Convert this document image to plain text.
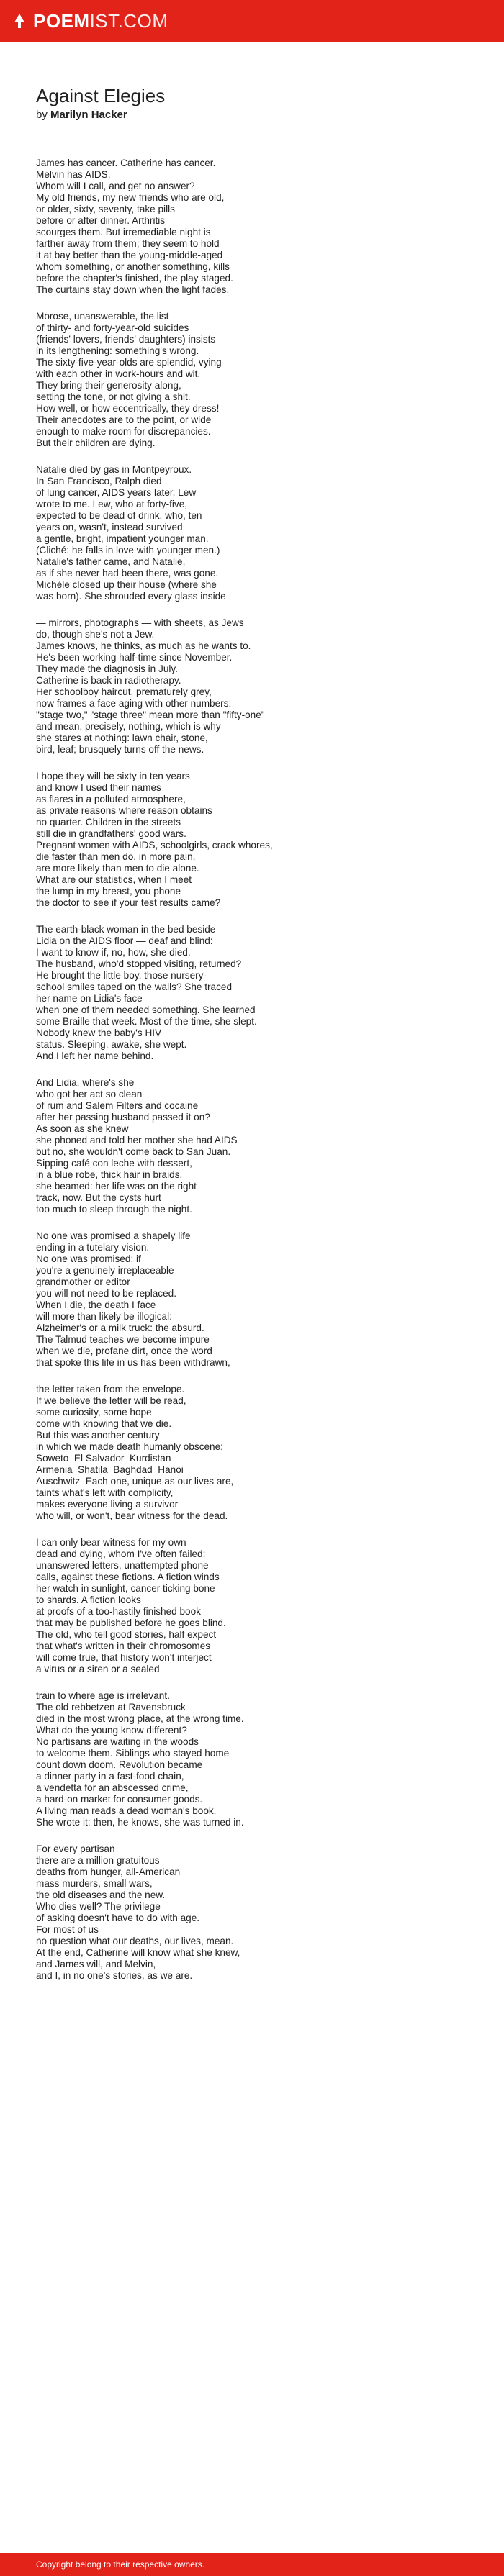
POEMIST.COM
Against Elegies
by Marilyn Hacker
James has cancer. Catherine has cancer.
Melvin has AIDS.
Whom will I call, and get no answer?
My old friends, my new friends who are old,
or older, sixty, seventy, take pills
before or after dinner. Arthritis
scourges them. But irremediable night is
farther away from them; they seem to hold
it at bay better than the young-middle-aged
whom something, or another something, kills
before the chapter's finished, the play staged.
The curtains stay down when the light fades.
Morose, unanswerable, the list
of thirty- and forty-year-old suicides
(friends' lovers, friends' daughters) insists
in its lengthening: something's wrong.
The sixty-five-year-olds are splendid, vying
with each other in work-hours and wit.
They bring their generosity along,
setting the tone, or not giving a shit.
How well, or how eccentrically, they dress!
Their anecdotes are to the point, or wide
enough to make room for discrepancies.
But their children are dying.
Natalie died by gas in Montpeyroux.
In San Francisco, Ralph died
of lung cancer, AIDS years later, Lew
wrote to me. Lew, who at forty-five,
expected to be dead of drink, who, ten
years on, wasn't, instead survived
a gentle, bright, impatient younger man.
(Cliché: he falls in love with younger men.)
Natalie's father came, and Natalie,
as if she never had been there, was gone.
Michèle closed up their house (where she
was born). She shrouded every glass inside
— mirrors, photographs — with sheets, as Jews
do, though she's not a Jew.
James knows, he thinks, as much as he wants to.
He's been working half-time since November.
They made the diagnosis in July.
Catherine is back in radiotherapy.
Her schoolboy haircut, prematurely grey,
now frames a face aging with other numbers:
"stage two," "stage three" mean more than "fifty-one"
and mean, precisely, nothing, which is why
she stares at nothing: lawn chair, stone,
bird, leaf; brusquely turns off the news.
I hope they will be sixty in ten years
and know I used their names
as flares in a polluted atmosphere,
as private reasons where reason obtains
no quarter. Children in the streets
still die in grandfathers' good wars.
Pregnant women with AIDS, schoolgirls, crack whores,
die faster than men do, in more pain,
are more likely than men to die alone.
What are our statistics, when I meet
the lump in my breast, you phone
the doctor to see if your test results came?
The earth-black woman in the bed beside
Lidia on the AIDS floor — deaf and blind:
I want to know if, no, how, she died.
The husband, who'd stopped visiting, returned?
He brought the little boy, those nursery-
school smiles taped on the walls? She traced
her name on Lidia's face
when one of them needed something. She learned
some Braille that week. Most of the time, she slept.
Nobody knew the baby's HIV
status. Sleeping, awake, she wept.
And I left her name behind.
And Lidia, where's she
who got her act so clean
of rum and Salem Filters and cocaine
after her passing husband passed it on?
As soon as she knew
she phoned and told her mother she had AIDS
but no, she wouldn't come back to San Juan.
Sipping café con leche with dessert,
in a blue robe, thick hair in braids,
she beamed: her life was on the right
track, now. But the cysts hurt
too much to sleep through the night.
No one was promised a shapely life
ending in a tutelary vision.
No one was promised: if
you're a genuinely irreplaceable
grandmother or editor
you will not need to be replaced.
When I die, the death I face
will more than likely be illogical:
Alzheimer's or a milk truck: the absurd.
The Talmud teaches we become impure
when we die, profane dirt, once the word
that spoke this life in us has been withdrawn,
the letter taken from the envelope.
If we believe the letter will be read,
some curiosity, some hope
come with knowing that we die.
But this was another century
in which we made death humanly obscene:
Soweto  El Salvador  Kurdistan
Armenia  Shatila  Baghdad  Hanoi
Auschwitz  Each one, unique as our lives are,
taints what's left with complicity,
makes everyone living a survivor
who will, or won't, bear witness for the dead.
I can only bear witness for my own
dead and dying, whom I've often failed:
unanswered letters, unattempted phone
calls, against these fictions. A fiction winds
her watch in sunlight, cancer ticking bone
to shards. A fiction looks
at proofs of a too-hastily finished book
that may be published before he goes blind.
The old, who tell good stories, half expect
that what's written in their chromosomes
will come true, that history won't interject
a virus or a siren or a sealed
train to where age is irrelevant.
The old rebbetzen at Ravensbruck
died in the most wrong place, at the wrong time.
What do the young know different?
No partisans are waiting in the woods
to welcome them. Siblings who stayed home
count down doom. Revolution became
a dinner party in a fast-food chain,
a vendetta for an abscessed crime,
a hard-on market for consumer goods.
A living man reads a dead woman's book.
She wrote it; then, he knows, she was turned in.
For every partisan
there are a million gratuitous
deaths from hunger, all-American
mass murders, small wars,
the old diseases and the new.
Who dies well? The privilege
of asking doesn't have to do with age.
For most of us
no question what our deaths, our lives, mean.
At the end, Catherine will know what she knew,
and James will, and Melvin,
and I, in no one's stories, as we are.
Copyright belong to their respective owners.
